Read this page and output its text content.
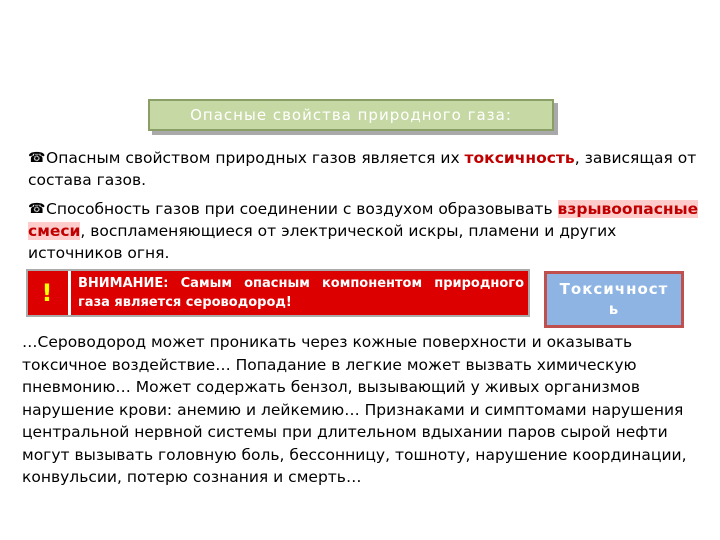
Опасные свойства природного газа:
☎Опасным свойством природных газов является их токсичность, зависящая от состава газов.
☎Способность газов при соединении с воздухом образовывать взрывоопасные смеси, воспламеняющиеся от электрической искры, пламени и других источников огня.
!	ВНИМАНИЕ: Самым опасным компонентом природного газа является сероводород!
Токсичность
…Сероводород может проникать через кожные поверхности и оказывать токсичное воздействие… Попадание в легкие может вызвать химическую пневмонию… Может содержать бензол, вызывающий у живых организмов нарушение крови: анемию и лейкемию… Признаками и симптомами нарушения центральной нервной системы при длительном вдыхании паров сырой нефти могут вызывать головную боль, бессонницу, тошноту, нарушение координации, конвульсии, потерю сознания и смерть…
